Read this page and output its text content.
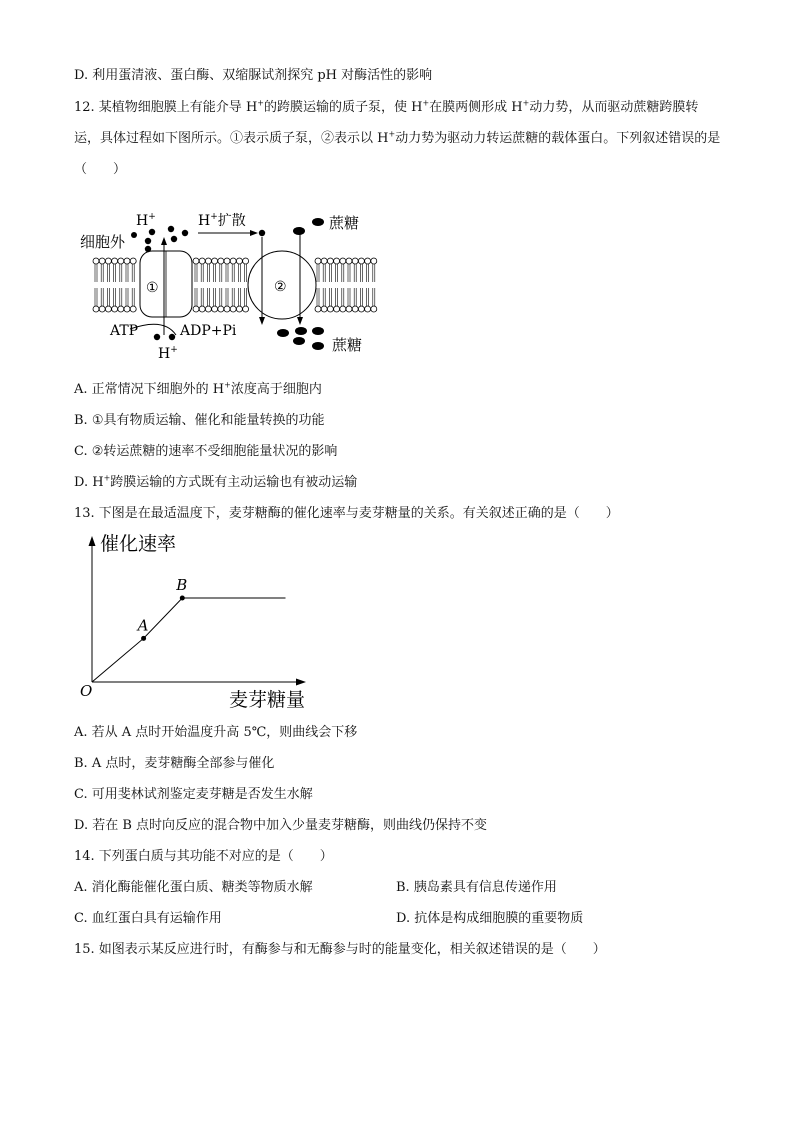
D. 利用蛋清液、蛋白酶、双缩脲试剂探究 pH 对酶活性的影响
12. 某植物细胞膜上有能介导 H+的跨膜运输的质子泵，使 H+在膜两侧形成 H+动力势，从而驱动蔗糖跨膜转运，具体过程如下图所示。①表示质子泵，②表示以 H+动力势为驱动力转运蔗糖的载体蛋白。下列叙述错误的是（　　）
①	②
细胞外
H+	H+扩散	蔗糖
ATP	ADP+Pi
H+	蔗糖
A. 正常情况下细胞外的 H+浓度高于细胞内
B. ①具有物质运输、催化和能量转换的功能
C. ②转运蔗糖的速率不受细胞能量状况的影响
D. H+跨膜运输的方式既有主动运输也有被动运输
13. 下图是在最适温度下，麦芽糖酶的催化速率与麦芽糖量的关系。有关叙述正确的是（　　）
A
B
催化速率
麦芽糖量
O
A. 若从 A 点时开始温度升高 5℃，则曲线会下移
B. A 点时，麦芽糖酶全部参与催化
C. 可用斐林试剂鉴定麦芽糖是否发生水解
D. 若在 B 点时向反应的混合物中加入少量麦芽糖酶，则曲线仍保持不变
14. 下列蛋白质与其功能不对应的是（　　）
A. 消化酶能催化蛋白质、糖类等物质水解	B. 胰岛素具有信息传递作用
C. 血红蛋白具有运输作用	D. 抗体是构成细胞膜的重要物质
15. 如图表示某反应进行时，有酶参与和无酶参与时的能量变化，相关叙述错误的是（　　）
